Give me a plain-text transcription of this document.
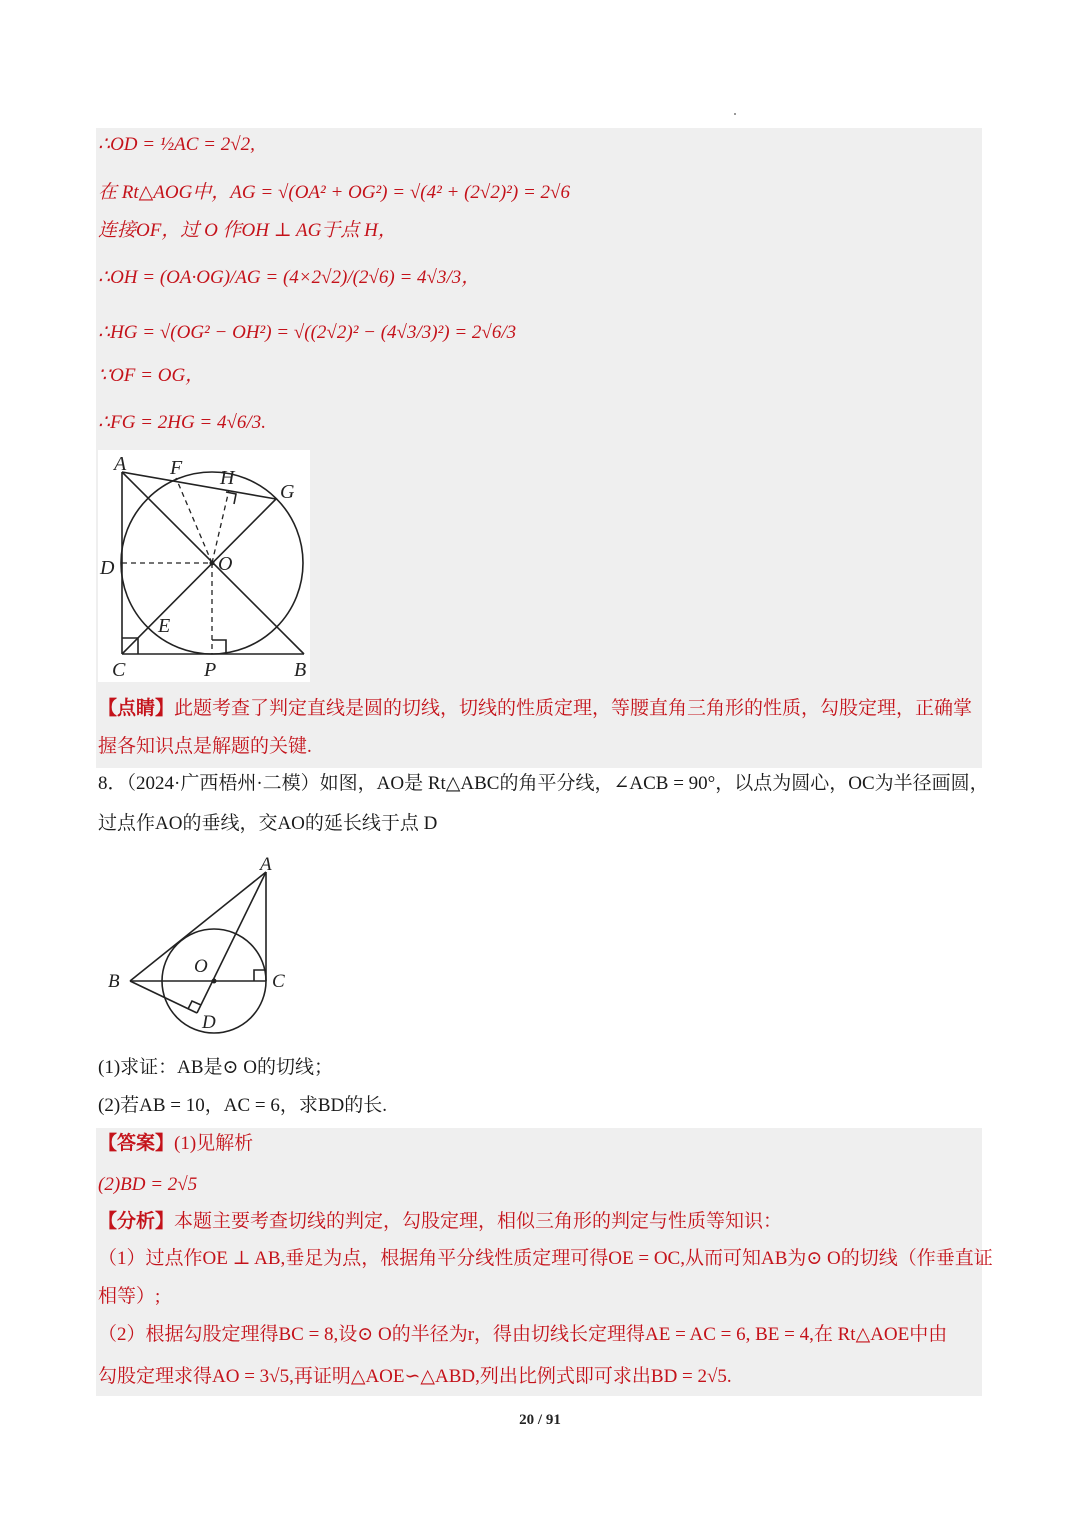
∴OD = ½AC = 2√2,
在 Rt△AOG中，AG = √(OA² + OG²) = √(4² + (2√2)²) = 2√6
连接OF，过 O 作OH ⊥ AG于点 H，
∴OH = (OA·OG)/AG = (4×2√2)/(2√6) = 4√3/3，
∴HG = √(OG² − OH²) = √((2√2)² − (4√3/3)²) = 2√6/3
∵OF = OG，
∴FG = 2HG = 4√6/3.
A F H
G
D	O
E
C	P	B
【点睛】此题考查了判定直线是圆的切线，切线的性质定理，等腰直角三角形的性质，勾股定理，正确掌
握各知识点是解题的关键.
8．（2024·广西梧州·二模）如图，AO是 Rt△ABC的角平分线，∠ACB = 90°，以点为圆心，OC为半径画圆，
过点作AO的垂线，交AO的延长线于点 D
A
B
O
C
D
(1)求证：AB是⊙ O的切线；
(2)若AB = 10，AC = 6，求BD的长.
【答案】(1)见解析
(2)BD = 2√5
【分析】本题主要考查切线的判定，勾股定理，相似三角形的判定与性质等知识：
（1）过点作OE ⊥ AB,垂足为点，根据角平分线性质定理可得OE = OC,从而可知AB为⊙ O的切线（作垂直证
相等）;
（2）根据勾股定理得BC = 8,设⊙ O的半径为r，得由切线长定理得AE = AC = 6, BE = 4,在 Rt△AOE中由
勾股定理求得AO = 3√5,再证明△AOE∽△ABD,列出比例式即可求出BD = 2√5.
20 / 91
